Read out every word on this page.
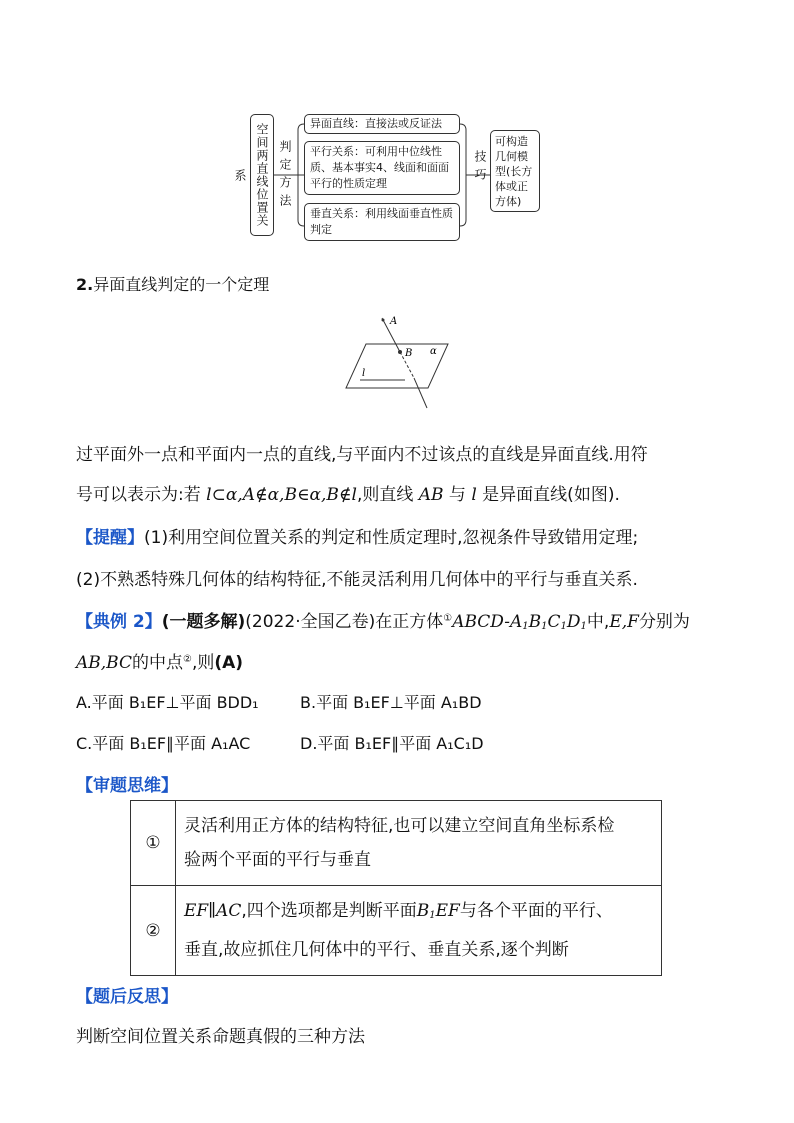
空间两直线位置关系	判定方法
异面直线：直接法或反证法
平行关系：可利用中位线性质、基本事实4、线面和面面平行的性质定理
垂直关系：利用线面垂直性质判定
技巧
可构造几何模型(长方体或正方体)
2.异面直线判定的一个定理
A
B α
l
过平面外一点和平面内一点的直线,与平面内不过该点的直线是异面直线.用符
号可以表示为:若 l⊂α,A∉α,B∈α,B∉l,则直线 AB 与 l 是异面直线(如图).
【提醒】(1)利用空间位置关系的判定和性质定理时,忽视条件导致错用定理;
(2)不熟悉特殊几何体的结构特征,不能灵活利用几何体中的平行与垂直关系.
【典例 2】(一题多解)(2022·全国乙卷)在正方体$^①ABCD-A_1B_1C_1D_1$中,E,F分别为
AB,BC的中点②,则(A)
A.平面 B₁EF⊥平面 BDD₁	B.平面 B₁EF⊥平面 A₁BD
C.平面 B₁EF∥平面 A₁AC	D.平面 B₁EF∥平面 A₁C₁D
【审题思维】
①	灵活利用正方体的结构特征,也可以建立空间直角坐标系检
验两个平面的平行与垂直

②	EF∥AC,四个选项都是判断平面$B_1EF$与各个平面的平行、
垂直,故应抓住几何体中的平行、垂直关系,逐个判断
【题后反思】
判断空间位置关系命题真假的三种方法
